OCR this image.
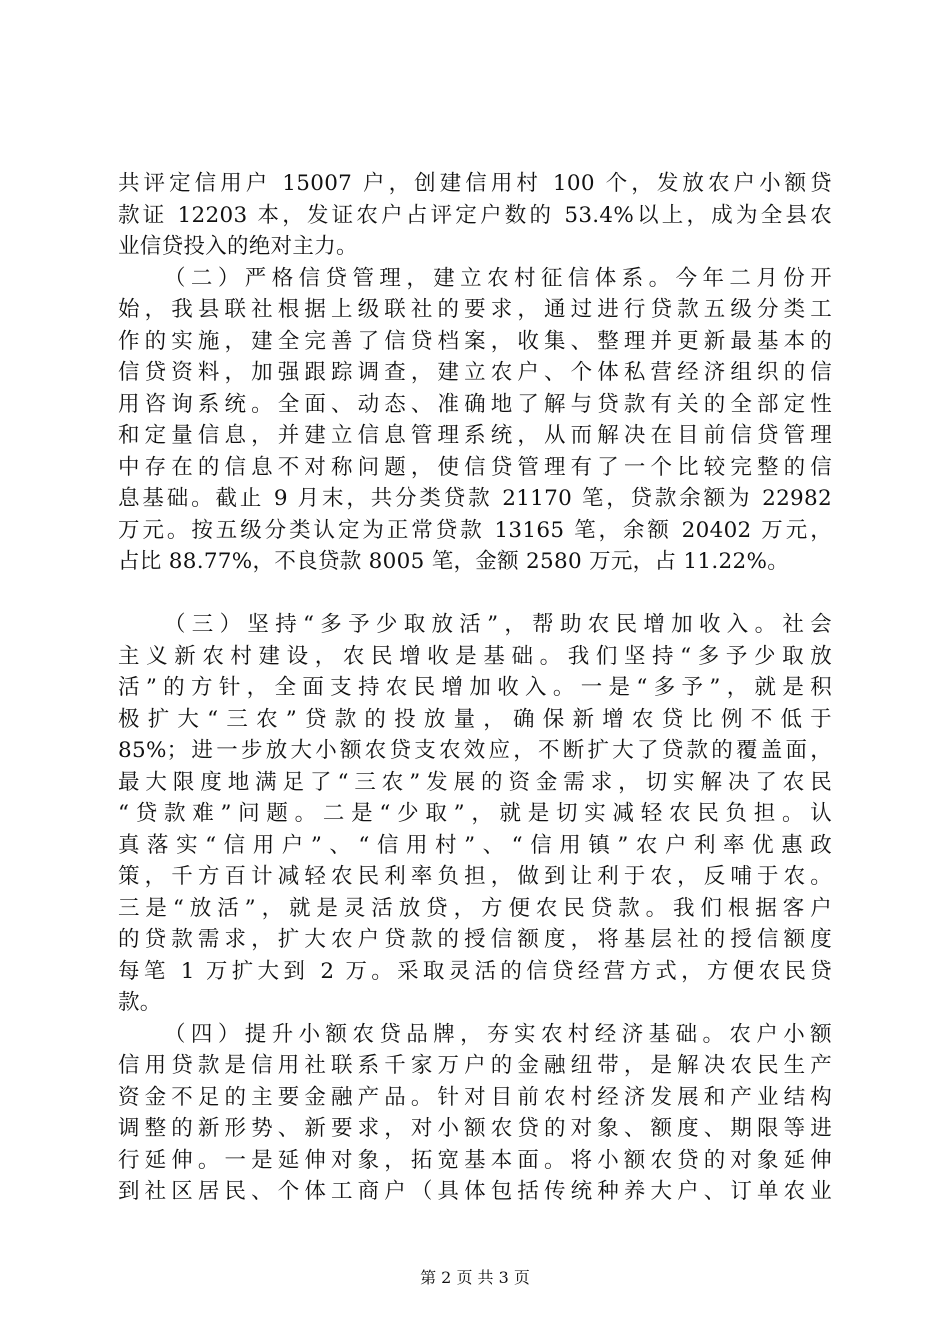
共评定信用户 15007 户，创建信用村 100 个，发放农户小额贷
款证 12203 本，发证农户占评定户数的 53.4%以上，成为全县农
业信贷投入的绝对主力。
（二）严格信贷管理，建立农村征信体系。今年二月份开
始，我县联社根据上级联社的要求，通过进行贷款五级分类工
作的实施，建全完善了信贷档案，收集、整理并更新最基本的
信贷资料，加强跟踪调查，建立农户、个体私营经济组织的信
用咨询系统。全面、动态、准确地了解与贷款有关的全部定性
和定量信息，并建立信息管理系统，从而解决在目前信贷管理
中存在的信息不对称问题，使信贷管理有了一个比较完整的信
息基础。截止 9 月末，共分类贷款 21170 笔，贷款余额为 22982
万元。按五级分类认定为正常贷款 13165 笔，余额 20402 万元，
占比 88.77%，不良贷款 8005 笔，金额 2580 万元，占 11.22%。
（三）坚持“多予少取放活”，帮助农民增加收入。社会
主义新农村建设，农民增收是基础。我们坚持“多予少取放
活”的方针，全面支持农民增加收入。一是“多予”，就是积
极扩大“三农”贷款的投放量，确保新增农贷比例不低于
85%；进一步放大小额农贷支农效应，不断扩大了贷款的覆盖面，
最大限度地满足了“三农”发展的资金需求，切实解决了农民
“贷款难”问题。二是“少取”，就是切实减轻农民负担。认
真落实“信用户”、“信用村”、“信用镇”农户利率优惠政
策，千方百计减轻农民利率负担，做到让利于农，反哺于农。
三是“放活”，就是灵活放贷，方便农民贷款。我们根据客户
的贷款需求，扩大农户贷款的授信额度，将基层社的授信额度
每笔 1 万扩大到 2 万。采取灵活的信贷经营方式，方便农民贷
款。
（四）提升小额农贷品牌，夯实农村经济基础。农户小额
信用贷款是信用社联系千家万户的金融纽带，是解决农民生产
资金不足的主要金融产品。针对目前农村经济发展和产业结构
调整的新形势、新要求，对小额农贷的对象、额度、期限等进
行延伸。一是延伸对象，拓宽基本面。将小额农贷的对象延伸
到社区居民、个体工商户（具体包括传统种养大户、订单农业
第 2 页 共 3 页
